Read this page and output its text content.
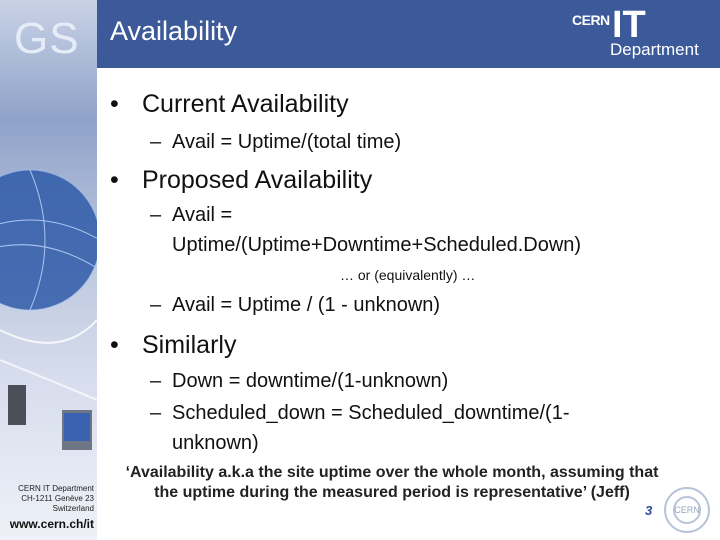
GS Availability	CERN IT
Department
• Current Availability
– Avail = Uptime/(total time)
• Proposed Availability
– Avail =
Uptime/(Uptime+Downtime+Scheduled.Down)
… or (equivalently) …
– Avail = Uptime / (1 - unknown)
• Similarly
– Down = downtime/(1-unknown)
– Scheduled_down = Scheduled_downtime/(1-
unknown)
‘Availability a.k.a the site uptime over the whole month, assuming that
the uptime during the measured period is representative’ (Jeff)
CERN IT Department
CH-1211 Genève 23
Switzerland
www.cern.ch/it
3 CERN
